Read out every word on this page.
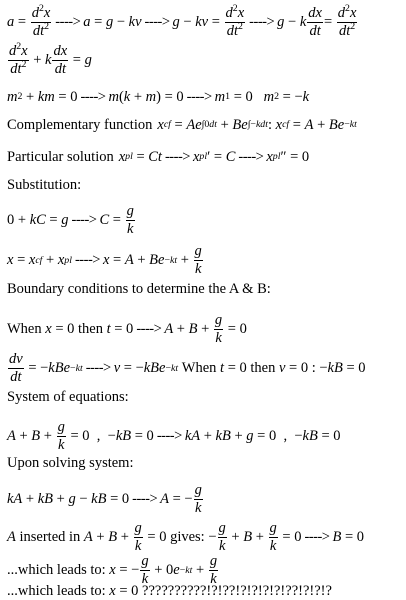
$a = \frac{d^2x}{dt^2}$ ----> a = g − kv ----> g − kv = $\frac{d^2x}{dt^2}$ ----> g − k $\frac{dx}{dt} = \frac{d^2x}{dt^2}$
$\frac{d^2x}{dt^2} + k \frac{dx}{dt} = g$
m 2 + km = 0 ----> m ( k + m ) = 0 ----> m 1 = 0 m 2 = − k
Complementary function x cf = Ae ∫0dt + Be ∫−kdt : x cf = A + Be −kt
Particular solution x pl = Ct ----> x pl ′ = C ----> x pl ″ = 0
Substitution:
0 + kC = g ----> $C = \frac{g}{k}$
x = x cf + x pl ----> $x = A + Be -kt + \frac{g}{k}$
Boundary conditions to determine the A & B:
When
x = 0 then
t = 0 ----> $A + B + \frac{g}{k} = 0$
$\frac{dv}{dt}$ = − kBe −kt ----> v = − kBe −kt
When
t = 0 then
v = 0 : − kB = 0
System of equations:
$A + B + \frac{g}{k} = 0$  ,  − kB = 0 ----> kA + kB + g = 0  ,  − kB = 0
Upon solving system:
kA + kB + g − kB = 0 ----> A = − $\frac{g}{k}$
A
inserted in
$A + B + \frac{g}{k} = 0$ gives: − $\frac{g}{k} + B + \frac{g}{k} = 0$ ----> B = 0
...which leads to:
x = − $\frac{g}{k} + 0$ $e -kt + \frac{g}{k}$
...which leads to:
x = 0 ??????????!?!??!?!?!?!?!??!?!?!?
